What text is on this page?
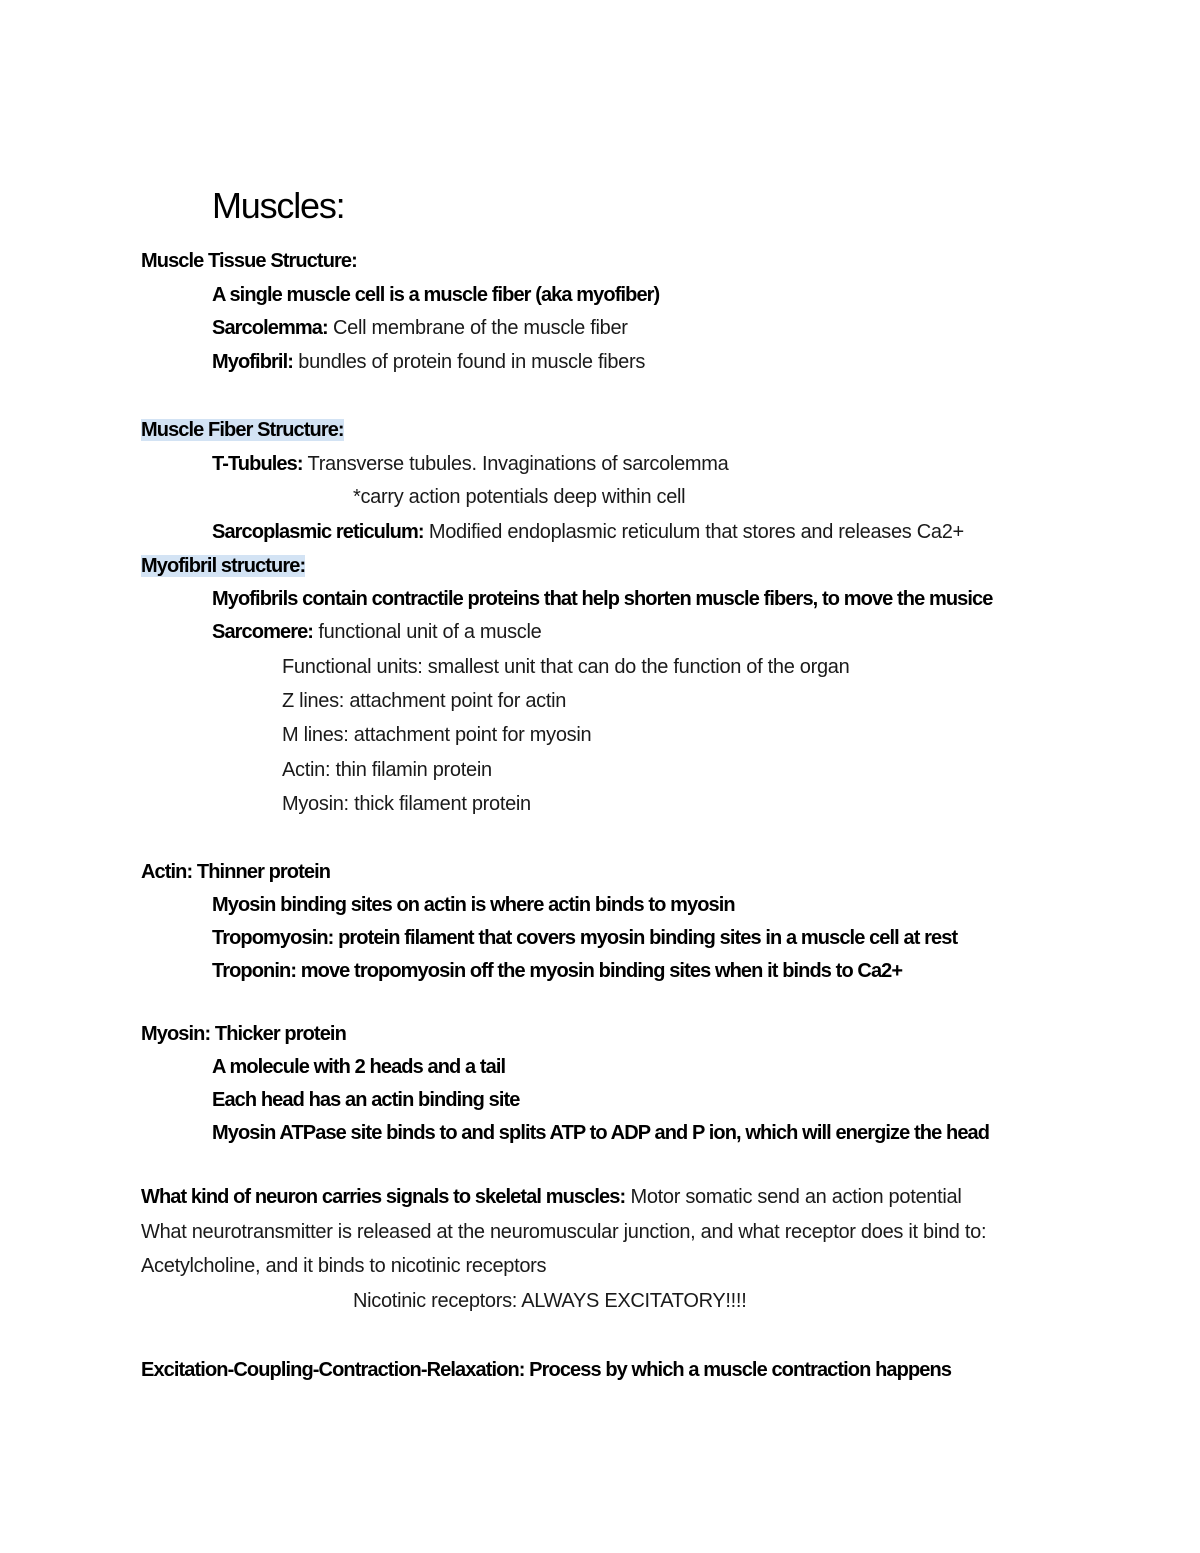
Muscles:
Muscle Tissue Structure:
A single muscle cell is a muscle fiber (aka myofiber)
Sarcolemma: Cell membrane of the muscle fiber
Myofibril: bundles of protein found in muscle fibers
Muscle Fiber Structure:
T-Tubules: Transverse tubules. Invaginations of sarcolemma
*carry action potentials deep within cell
Sarcoplasmic reticulum: Modified endoplasmic reticulum that stores and releases Ca2+
Myofibril structure:
Myofibrils contain contractile proteins that help shorten muscle fibers, to move the musice
Sarcomere: functional unit of a muscle
Functional units: smallest unit that can do the function of the organ
Z lines: attachment point for actin
M lines: attachment point for myosin
Actin: thin filamin protein
Myosin: thick filament protein
Actin: Thinner protein
Myosin binding sites on actin is where actin binds to myosin
Tropomyosin: protein filament that covers myosin binding sites in a muscle cell at rest
Troponin: move tropomyosin off the myosin binding sites when it binds to Ca2+
Myosin: Thicker protein
A molecule with 2 heads and a tail
Each head has an actin binding site
Myosin ATPase site binds to and splits ATP to ADP and P ion, which will energize the head
What kind of neuron carries signals to skeletal muscles: Motor somatic send an action potential
What neurotransmitter is released at the neuromuscular junction, and what receptor does it bind to:
Acetylcholine, and it binds to nicotinic receptors
Nicotinic receptors: ALWAYS EXCITATORY!!!!
Excitation-Coupling-Contraction-Relaxation: Process by which a muscle contraction happens
